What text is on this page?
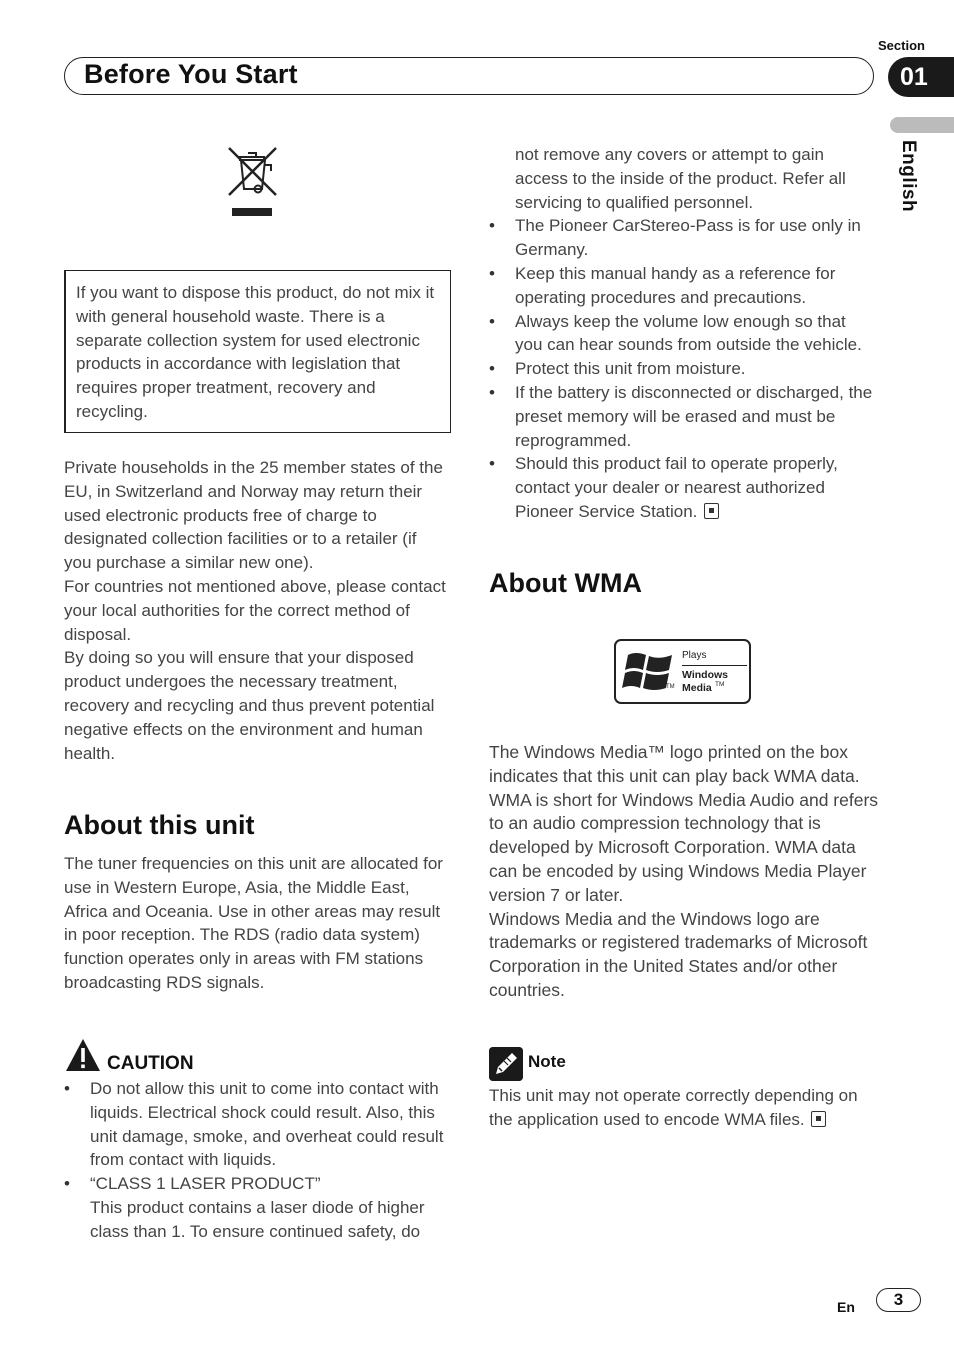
Section
Before You Start	01
English
If you want to dispose this product, do not mix it with general household waste. There is a separate collection system for used electronic products in accordance with legislation that requires proper treatment, recovery and recycling.
Private households in the 25 member states of the EU, in Switzerland and Norway may return their used electronic products free of charge to designated collection facilities or to a retailer (if you purchase a similar new one).
For countries not mentioned above, please contact your local authorities for the correct method of disposal.
By doing so you will ensure that your disposed product undergoes the necessary treatment, recovery and recycling and thus prevent potential negative effects on the environment and human health.
About this unit
The tuner frequencies on this unit are allocated for use in Western Europe, Asia, the Middle East, Africa and Oceania. Use in other areas may result in poor reception. The RDS (radio data system) function operates only in areas with FM stations broadcasting RDS signals.
CAUTION
• Do not allow this unit to come into contact with liquids. Electrical shock could result. Also, this unit damage, smoke, and overheat could result from contact with liquids.
• “CLASS 1 LASER PRODUCT”
This product contains a laser diode of higher class than 1. To ensure continued safety, do
not remove any covers or attempt to gain access to the inside of the product. Refer all servicing to qualified personnel.
• The Pioneer CarStereo-Pass is for use only in Germany.
• Keep this manual handy as a reference for operating procedures and precautions.
• Always keep the volume low enough so that you can hear sounds from outside the vehicle.
• Protect this unit from moisture.
• If the battery is disconnected or discharged, the preset memory will be erased and must be reprogrammed.
• Should this product fail to operate properly, contact your dealer or nearest authorized Pioneer Service Station.
About WMA
TM
Plays
Windows
Media TM
The Windows Media™ logo printed on the box indicates that this unit can play back WMA data.
WMA is short for Windows Media Audio and refers to an audio compression technology that is developed by Microsoft Corporation. WMA data can be encoded by using Windows Media Player version 7 or later.
Windows Media and the Windows logo are trademarks or registered trademarks of Microsoft Corporation in the United States and/or other countries.
Note
This unit may not operate correctly depending on the application used to encode WMA files.
En	3
